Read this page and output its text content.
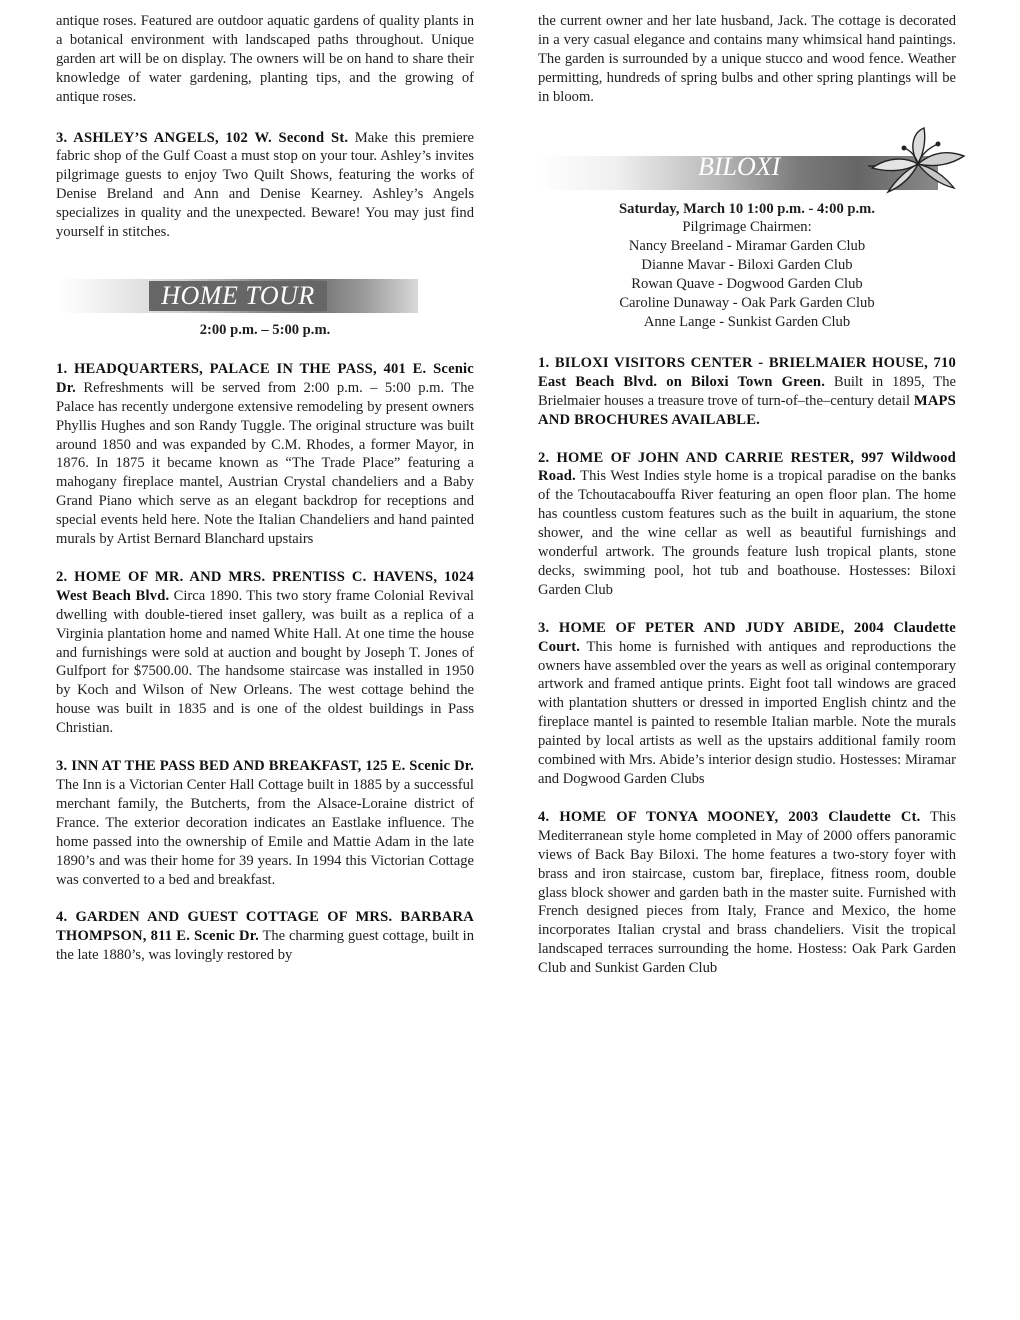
antique roses. Featured are outdoor aquatic gardens of quality plants in a botanical environment with landscaped paths throughout. Unique garden art will be on display. The owners will be on hand to share their knowledge of water gardening, planting tips, and the growing of antique roses.

3. ASHLEY’S ANGELS, 102 W. Second St. Make this premiere fabric shop of the Gulf Coast a must stop on your tour. Ashley’s invites pilgrimage guests to enjoy Two Quilt Shows, featuring the works of Denise Breland and Ann and Denise Kearney. Ashley’s Angels specializes in quality and the unexpected. Beware! You may just find yourself in stitches.

HOME TOUR
2:00 p.m. – 5:00 p.m.

1. HEADQUARTERS, PALACE IN THE PASS, 401 E. Scenic Dr. Refreshments will be served from 2:00 p.m. – 5:00 p.m. The Palace has recently undergone extensive remodeling by present owners Phyllis Hughes and son Randy Tuggle. The original structure was built around 1850 and was expanded by C.M. Rhodes, a former Mayor, in 1876. In 1875 it became known as “The Trade Place” featuring a mahogany fireplace mantel, Austrian Crystal chandeliers and a Baby Grand Piano which serve as an elegant backdrop for receptions and special events held here. Note the Italian Chandeliers and hand painted murals by Artist Bernard Blanchard upstairs

2. HOME OF MR. AND MRS. PRENTISS C. HAVENS, 1024 West Beach Blvd. Circa 1890. This two story frame Colonial Revival dwelling with double-tiered inset gallery, was built as a replica of a Virginia plantation home and named White Hall. At one time the house and furnishings were sold at auction and bought by Joseph T. Jones of Gulfport for $7500.00. The handsome staircase was installed in 1950 by Koch and Wilson of New Orleans. The west cottage behind the house was built in 1835 and is one of the oldest buildings in Pass Christian.

3. INN AT THE PASS BED AND BREAKFAST, 125 E. Scenic Dr. The Inn is a Victorian Center Hall Cottage built in 1885 by a successful merchant family, the Butcherts, from the Alsace-Loraine district of France. The exterior decoration indicates an Eastlake influence. The home passed into the ownership of Emile and Mattie Adam in the late 1890’s and was their home for 39 years. In 1994 this Victorian Cottage was converted to a bed and breakfast.

4. GARDEN AND GUEST COTTAGE OF MRS. BARBARA THOMPSON, 811 E. Scenic Dr. The charming guest cottage, built in the late 1880’s, was lovingly restored by

the current owner and her late husband, Jack. The cottage is decorated in a very casual elegance and contains many whimsical hand paintings. The garden is surrounded by a unique stucco and wood fence. Weather permitting, hundreds of spring bulbs and other spring plantings will be in bloom.

BILOXI
Saturday, March 10 1:00 p.m. - 4:00 p.m.
Pilgrimage Chairmen:
Nancy Breeland - Miramar Garden Club
Dianne Mavar - Biloxi Garden Club
Rowan Quave - Dogwood Garden Club
Caroline Dunaway - Oak Park Garden Club
Anne Lange - Sunkist Garden Club

1. BILOXI VISITORS CENTER - BRIELMAIER HOUSE, 710 East Beach Blvd. on Biloxi Town Green. Built in 1895, The Brielmaier houses a treasure trove of turn-of–the–century detail MAPS AND BROCHURES AVAILABLE.

2. HOME OF JOHN AND CARRIE RESTER, 997 Wildwood Road. This West Indies style home is a tropical paradise on the banks of the Tchoutacabouffa River featuring an open floor plan. The home has countless custom features such as the built in aquarium, the stone shower, and the wine cellar as well as beautiful furnishings and wonderful artwork. The grounds feature lush tropical plants, stone decks, swimming pool, hot tub and boathouse. Hostesses: Biloxi Garden Club

3. HOME OF PETER AND JUDY ABIDE, 2004 Claudette Court. This home is furnished with antiques and reproductions the owners have assembled over the years as well as original contemporary artwork and framed antique prints. Eight foot tall windows are graced with plantation shutters or dressed in imported English chintz and the fireplace mantel is painted to resemble Italian marble. Note the murals painted by local artists as well as the upstairs additional family room combined with Mrs. Abide’s interior design studio. Hostesses: Miramar and Dogwood Garden Clubs

4. HOME OF TONYA MOONEY, 2003 Claudette Ct. This Mediterranean style home completed in May of 2000 offers panoramic views of Back Bay Biloxi. The home features a two-story foyer with brass and iron staircase, custom bar, fireplace, fitness room, double glass block shower and garden bath in the master suite. Furnished with French designed pieces from Italy, France and Mexico, the home incorporates Italian crystal and brass chandeliers. Visit the tropical landscaped terraces surrounding the home. Hostess: Oak Park Garden Club and Sunkist Garden Club
